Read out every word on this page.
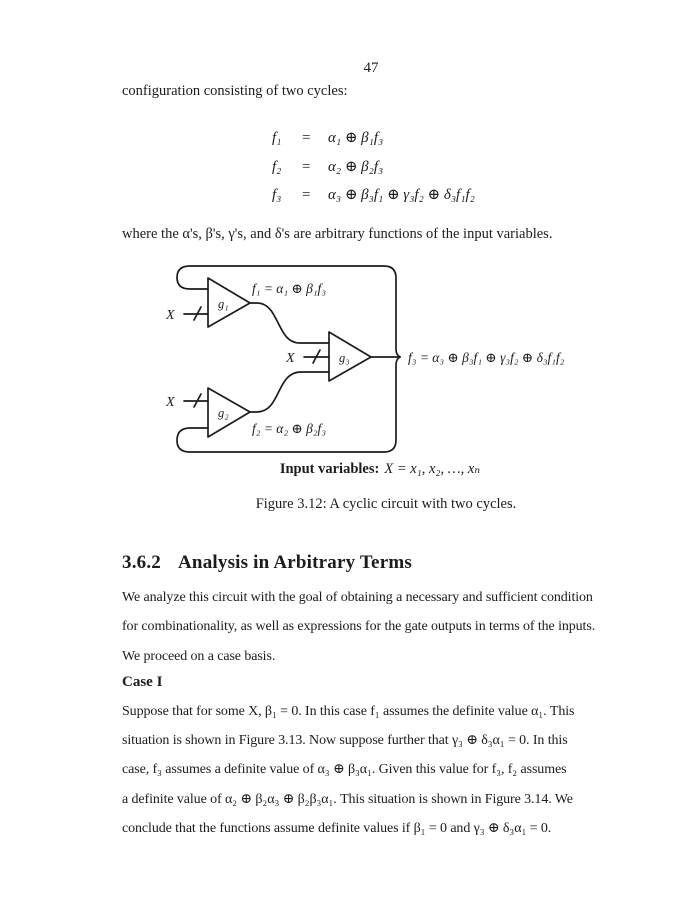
47
configuration consisting of two cycles:
f₁	=	α₁ ⊕ β₁f₃
f₂	=	α₂ ⊕ β₂f₃
f₃	=	α₃ ⊕ β₃f₁ ⊕ γ₃f₂ ⊕ δ₃f₁f₂
where the α's, β's, γ's, and δ's are arbitrary functions of the input variables.
X
X
X
g₁
g₂
g₃
f₁ = α₁ ⊕ β₁f₃
f₂ = α₂ ⊕ β₂f₃
f₃ = α₃ ⊕ β₃f₁ ⊕ γ₃f₂ ⊕ δ₃f₁f₂
Input variables: X = x₁, x₂, …, xₙ
Figure 3.12: A cyclic circuit with two cycles.
3.6.2 Analysis in Arbitrary Terms
We analyze this circuit with the goal of obtaining a necessary and sufficient condition
for combinationality, as well as expressions for the gate outputs in terms of the inputs.
We proceed on a case basis.
Case I
Suppose that for some X, β₁ = 0. In this case f₁ assumes the definite value α₁. This
situation is shown in Figure 3.13. Now suppose further that γ₃ ⊕ δ₃α₁ = 0. In this
case, f₃ assumes a definite value of α₃ ⊕ β₃α₁. Given this value for f₃, f₂ assumes
a definite value of α₂ ⊕ β₂α₃ ⊕ β₂β₃α₁. This situation is shown in Figure 3.14. We
conclude that the functions assume definite values if β₁ = 0 and γ₃ ⊕ δ₃α₁ = 0.
